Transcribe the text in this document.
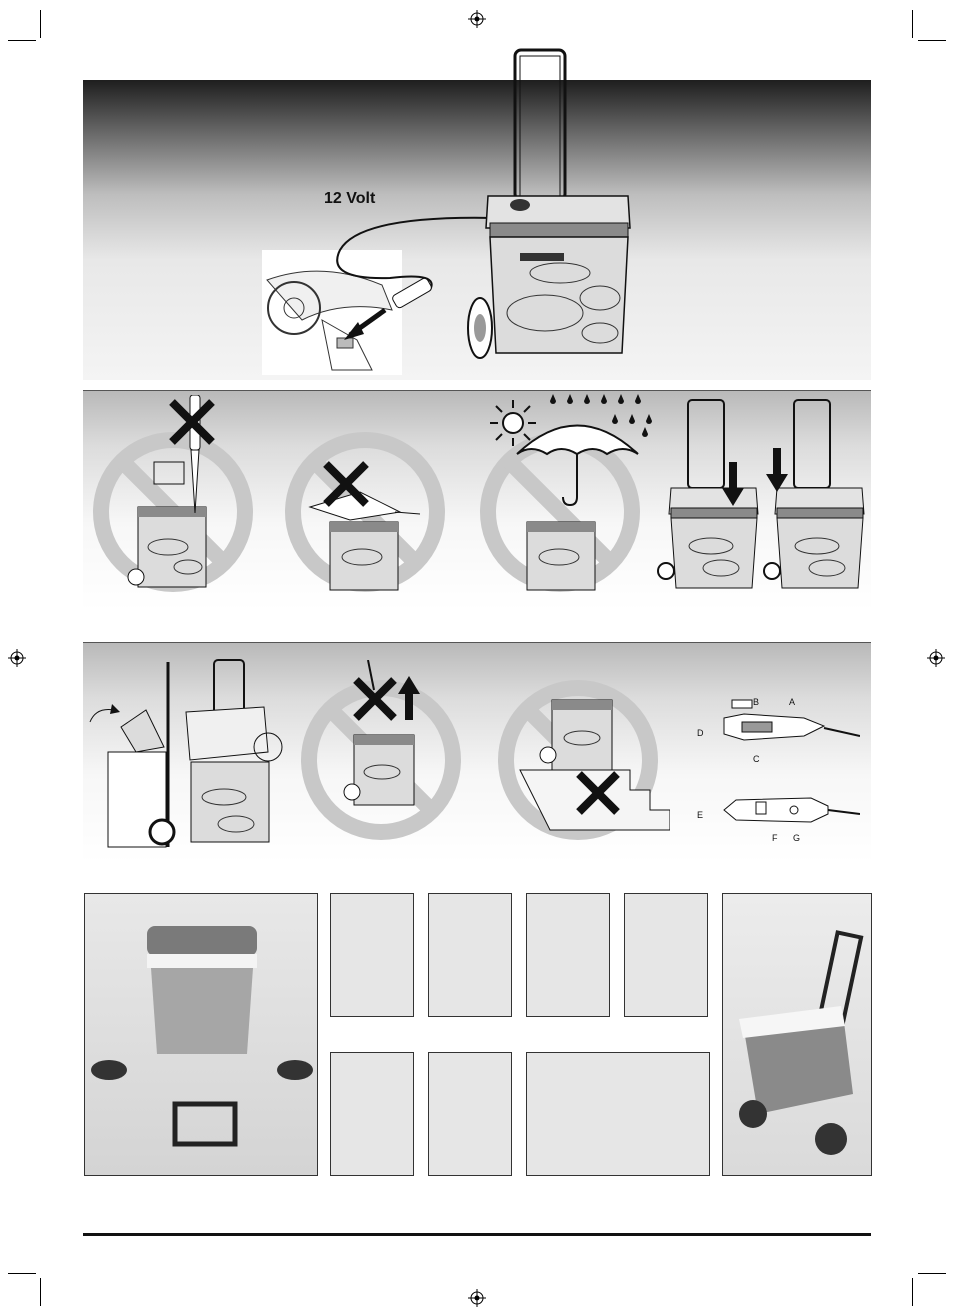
12 Volt
B	A
D
C
E
F G
